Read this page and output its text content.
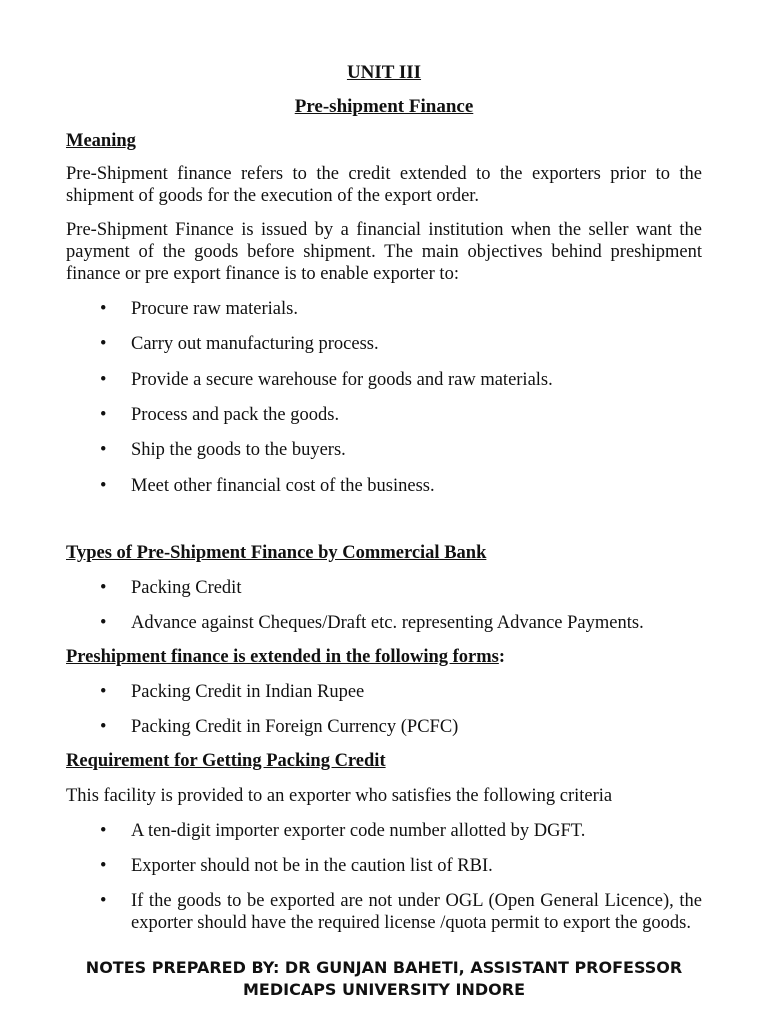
UNIT III
Pre-shipment Finance
Meaning

Pre-Shipment finance refers to the credit extended to the exporters prior to the shipment of goods for the execution of the export order.

Pre-Shipment Finance is issued by a financial institution when the seller want the payment of the goods before shipment. The main objectives behind preshipment finance or pre export finance is to enable exporter to:

• Procure raw materials.
• Carry out manufacturing process.
• Provide a secure warehouse for goods and raw materials.
• Process and pack the goods.
• Ship the goods to the buyers.
• Meet other financial cost of the business.
Types of Pre-Shipment Finance by Commercial Bank
• Packing Credit
• Advance against Cheques/Draft etc. representing Advance Payments.
Preshipment finance is extended in the following forms:
• Packing Credit in Indian Rupee
• Packing Credit in Foreign Currency (PCFC)
Requirement for Getting Packing Credit

This facility is provided to an exporter who satisfies the following criteria

• A ten-digit importer exporter code number allotted by DGFT.
• Exporter should not be in the caution list of RBI.
• If the goods to be exported are not under OGL (Open General Licence), the exporter should have the required license /quota permit to export the goods.
NOTES PREPARED BY: DR GUNJAN BAHETI, ASSISTANT PROFESSOR
MEDICAPS UNIVERSITY INDORE
